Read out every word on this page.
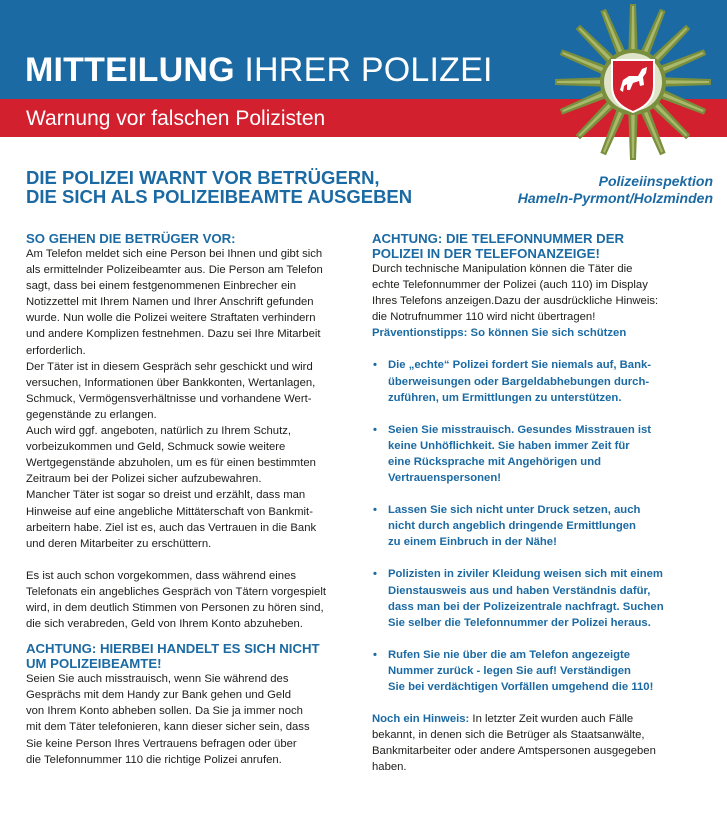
MITTEILUNG IHRER POLIZEI
Warnung vor falschen Polizisten
DIE POLIZEI WARNT VOR BETRÜGERN,
DIE SICH ALS POLIZEIBEAMTE AUSGEBEN
Polizeiinspektion
Hameln-Pyrmont/Holzminden
SO GEHEN DIE BETRÜGER VOR:
Am Telefon meldet sich eine Person bei Ihnen und gibt sich
als ermittelnder Polizeibeamter aus. Die Person am Telefon
sagt, dass bei einem festgenommenen Einbrecher ein
Notizzettel mit Ihrem Namen und Ihrer Anschrift gefunden
wurde. Nun wolle die Polizei weitere Straftaten verhindern
und andere Komplizen festnehmen. Dazu sei Ihre Mitarbeit
erforderlich.
Der Täter ist in diesem Gespräch sehr geschickt und wird
versuchen, Informationen über Bankkonten, Wertanlagen,
Schmuck, Vermögensverhältnisse und vorhandene Wert-
gegenstände zu erlangen.
Auch wird ggf. angeboten, natürlich zu Ihrem Schutz,
vorbeizukommen und Geld, Schmuck sowie weitere
Wertgegenstände abzuholen, um es für einen bestimmten
Zeitraum bei der Polizei sicher aufzubewahren.
Mancher Täter ist sogar so dreist und erzählt, dass man
Hinweise auf eine angebliche Mittäterschaft von Bankmit-
arbeitern habe. Ziel ist es, auch das Vertrauen in die Bank
und deren Mitarbeiter zu erschüttern.
Es ist auch schon vorgekommen, dass während eines
Telefonats ein angebliches Gespräch von Tätern vorgespielt
wird, in dem deutlich Stimmen von Personen zu hören sind,
die sich verabreden, Geld von Ihrem Konto abzuheben.
ACHTUNG: HIERBEI HANDELT ES SICH NICHT
UM POLIZEIBEAMTE!
Seien Sie auch misstrauisch, wenn Sie während des
Gesprächs mit dem Handy zur Bank gehen und Geld
von Ihrem Konto abheben sollen. Da Sie ja immer noch
mit dem Täter telefonieren, kann dieser sicher sein, dass
Sie keine Person Ihres Vertrauens befragen oder über
die Telefonnummer 110 die richtige Polizei anrufen.
ACHTUNG: DIE TELEFONNUMMER DER
POLIZEI IN DER TELEFONANZEIGE!
Durch technische Manipulation können die Täter die
echte Telefonnummer der Polizei (auch 110) im Display
Ihres Telefons anzeigen.Dazu der ausdrückliche Hinweis:
die Notrufnummer 110 wird nicht übertragen!
Präventionstipps: So können Sie sich schützen
• Die „echte“ Polizei fordert Sie niemals auf, Bank-
überweisungen oder Bargeldabhebungen durch-
zuführen, um Ermittlungen zu unterstützen.
• Seien Sie misstrauisch. Gesundes Misstrauen ist
keine Unhöflichkeit. Sie haben immer Zeit für
eine Rücksprache mit Angehörigen und
Vertrauenspersonen!
• Lassen Sie sich nicht unter Druck setzen, auch
nicht durch angeblich dringende Ermittlungen
zu einem Einbruch in der Nähe!
• Polizisten in ziviler Kleidung weisen sich mit einem
Dienstausweis aus und haben Verständnis dafür,
dass man bei der Polizeizentrale nachfragt. Suchen
Sie selber die Telefonnummer der Polizei heraus.
• Rufen Sie nie über die am Telefon angezeigte
Nummer zurück - legen Sie auf! Verständigen
Sie bei verdächtigen Vorfällen umgehend die 110!
Noch ein Hinweis: In letzter Zeit wurden auch Fälle
bekannt, in denen sich die Betrüger als Staatsanwälte,
Bankmitarbeiter oder andere Amtspersonen ausgegeben
haben.
